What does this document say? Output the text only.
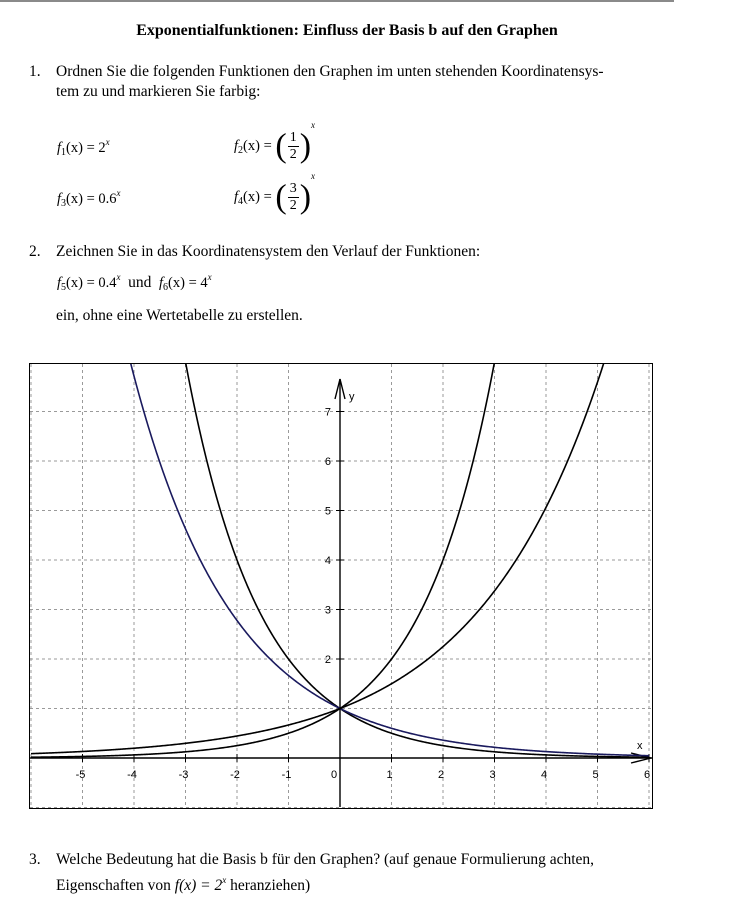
Exponentialfunktionen: Einfluss der Basis b auf den Graphen
1. Ordnen Sie die folgenden Funktionen den Graphen im unten stehenden Koordinatensys-
tem zu und markieren Sie farbig:
$f_1(x) = 2^x$	$f_2(x)$ = ( $\frac{1}{2} )^x$
$f_3(x) = 0.6^x$	$f_4(x)$ = ( $\frac{3}{2} )^x$
2. Zeichnen Sie in das Koordinatensystem den Verlauf der Funktionen:
$f_5(x) = 0.4^x$ und $f_6(x) = 4^x$
ein, ohne eine Wertetabelle zu erstellen.
x
y
-5	-4	-3	-2	-1	0	1	2	3	4	5	6
2
3
4
5
6
7
3. Welche Bedeutung hat die Basis b für den Graphen? (auf genaue Formulierung achten,
Eigenschaften von $f(x) = 2^x$ heranziehen)
